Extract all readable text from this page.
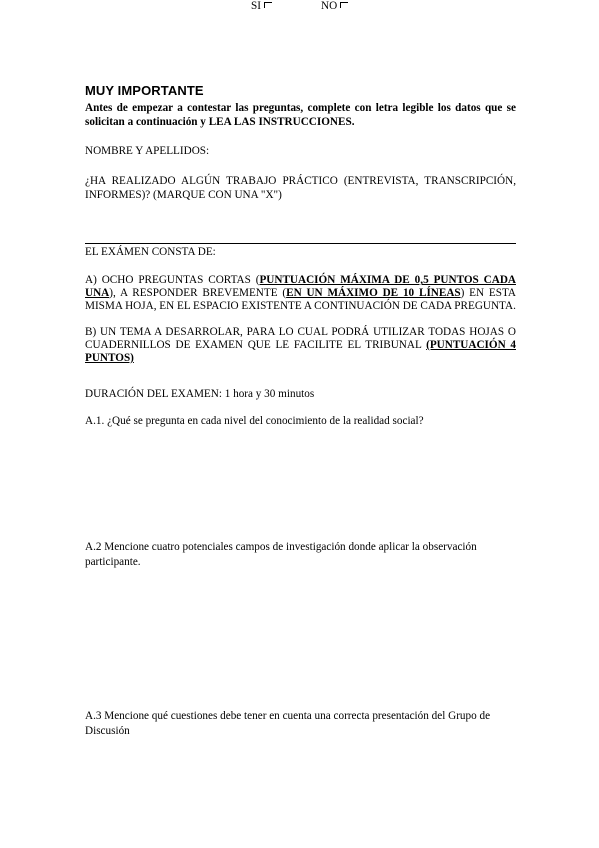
MUY IMPORTANTE
Antes de empezar a contestar las preguntas, complete con letra legible los datos que se solicitan a continuación y LEA LAS INSTRUCCIONES.
NOMBRE Y APELLIDOS:
¿HA REALIZADO ALGÚN TRABAJO PRÁCTICO (ENTREVISTA, TRANSCRIPCIÓN, INFORMES)? (MARQUE CON UNA "X")
SI	NO
EL EXÁMEN CONSTA DE:
A) OCHO PREGUNTAS CORTAS (PUNTUACIÓN MÁXIMA DE 0,5 PUNTOS CADA UNA), A RESPONDER BREVEMENTE (EN UN MÁXIMO DE 10 LÍNEAS) EN ESTA MISMA HOJA, EN EL ESPACIO EXISTENTE A CONTINUACIÓN DE CADA PREGUNTA.
B) UN TEMA A DESARROLAR, PARA LO CUAL PODRÁ UTILIZAR TODAS HOJAS O CUADERNILLOS DE EXAMEN QUE LE FACILITE EL TRIBUNAL (PUNTUACIÓN 4 PUNTOS)
DURACIÓN DEL EXAMEN: 1 hora y 30 minutos
A.1. ¿Qué se pregunta en cada nivel del conocimiento de la realidad social?
A.2 Mencione cuatro potenciales campos de investigación donde aplicar la observación participante.
A.3 Mencione qué cuestiones debe tener en cuenta una correcta presentación del Grupo de Discusión
